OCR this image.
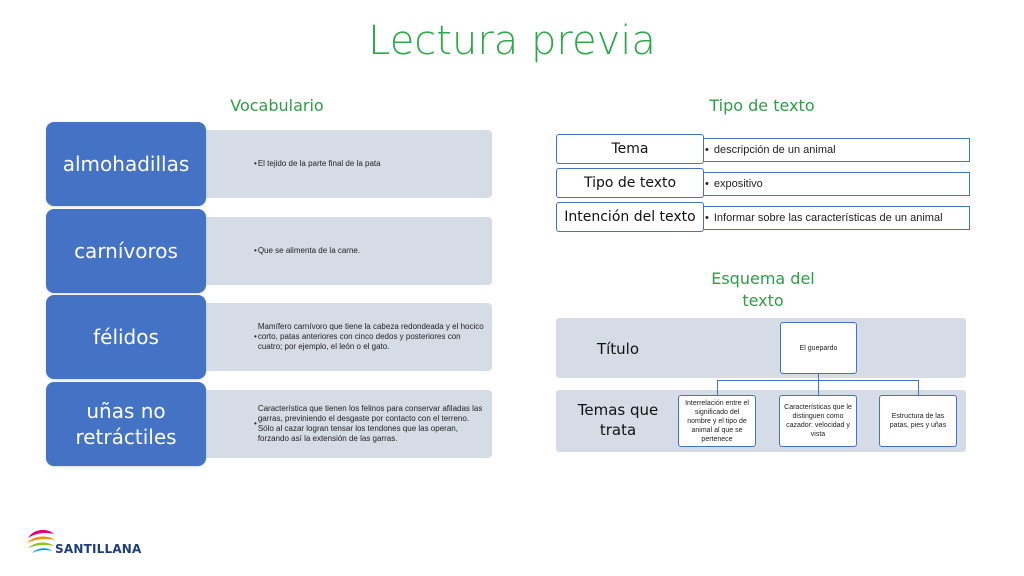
Lectura previa
Vocabulario
• El tejido de la parte final de la pata
almohadillas
• Que se alimenta de la carne.
carnívoros
• Mamífero carnívoro que tiene la cabeza redondeada y el hocico corto, patas anteriores con cinco dedos y posteriores con cuatro; por ejemplo, el león o el gato.
félidos
• Característica que tienen los felinos para conservar afiladas las garras, previniendo el desgaste por contacto con el terreno. Sólo al cazar logran tensar los tendones que las operan, forzando así la extensión de las garras.
uñas no retráctiles
Tipo de texto
• descripción de un animal
Tema
• expositivo
Tipo de texto
• Informar sobre las características de un animal
Intención del texto
Esquema del
texto
Título
Temas que trata
El guepardo
Interrelación entre el significado del nombre y el tipo de animal al que se pertenece
Características que le distinguen como cazador: velocidad y vista
Estructura de las patas, pies y uñas
SANTILLANA
